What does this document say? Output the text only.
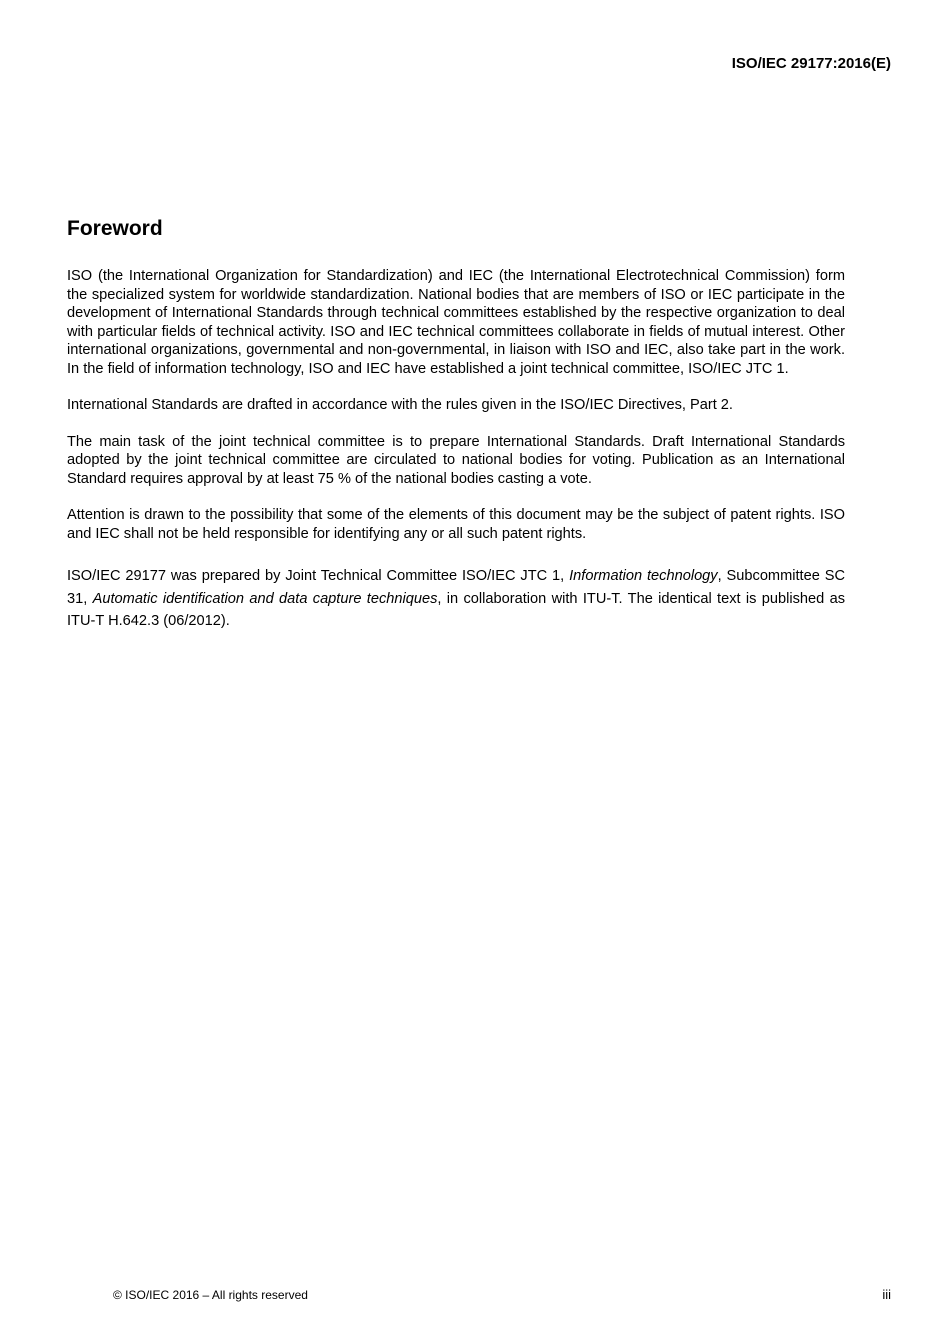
ISO/IEC 29177:2016(E)
Foreword

ISO (the International Organization for Standardization) and IEC (the International Electrotechnical Commission) form the specialized system for worldwide standardization. National bodies that are members of ISO or IEC participate in the development of International Standards through technical committees established by the respective organization to deal with particular fields of technical activity. ISO and IEC technical committees collaborate in fields of mutual interest. Other international organizations, governmental and non-governmental, in liaison with ISO and IEC, also take part in the work. In the field of information technology, ISO and IEC have established a joint technical committee, ISO/IEC JTC 1.

International Standards are drafted in accordance with the rules given in the ISO/IEC Directives, Part 2.

The main task of the joint technical committee is to prepare International Standards. Draft International Standards adopted by the joint technical committee are circulated to national bodies for voting. Publication as an International Standard requires approval by at least 75 % of the national bodies casting a vote.

Attention is drawn to the possibility that some of the elements of this document may be the subject of patent rights. ISO and IEC shall not be held responsible for identifying any or all such patent rights.

ISO/IEC 29177 was prepared by Joint Technical Committee ISO/IEC JTC 1, Information technology, Subcommittee SC 31, Automatic identification and data capture techniques, in collaboration with ITU-T. The identical text is published as ITU-T H.642.3 (06/2012).

© ISO/IEC 2016 – All rights reserved	iii
